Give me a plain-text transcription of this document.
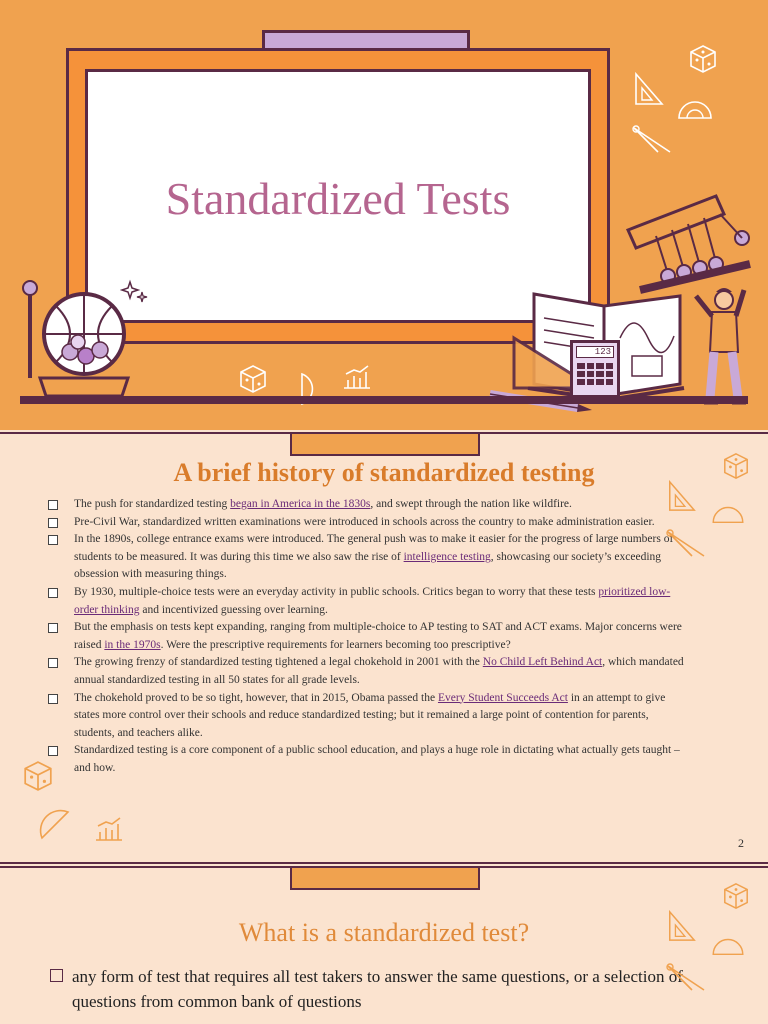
Standardized Tests
123
A brief history of standardized testing
The push for standardized testing began in America in the 1830s, and swept through the nation like wildfire.
Pre-Civil War, standardized written examinations were introduced in schools across the country to make administration easier.
In the 1890s, college entrance exams were introduced. The general push was to make it easier for the progress of large numbers of students to be measured. It was during this time we also saw the rise of intelligence testing, showcasing our society’s exceeding obsession with measuring things.
By 1930, multiple-choice tests were an everyday activity in public schools. Critics began to worry that these tests prioritized low-order thinking and incentivized guessing over learning.
But the emphasis on tests kept expanding, ranging from multiple-choice to AP testing to SAT and ACT exams. Major concerns were raised in the 1970s. Were the prescriptive requirements for learners becoming too prescriptive?
The growing frenzy of standardized testing tightened a legal chokehold in 2001 with the No Child Left Behind Act, which mandated annual standardized testing in all 50 states for all grade levels.
The chokehold proved to be so tight, however, that in 2015, Obama passed the Every Student Succeeds Act in an attempt to give states more control over their schools and reduce standardized testing; but it remained a large point of contention for parents, students, and teachers alike.
Standardized testing is a core component of a public school education, and plays a huge role in dictating what actually gets taught – and how.
2
What is a standardized test?
any form of test that requires all test takers to answer the same questions, or a selection of questions from common bank of questions
